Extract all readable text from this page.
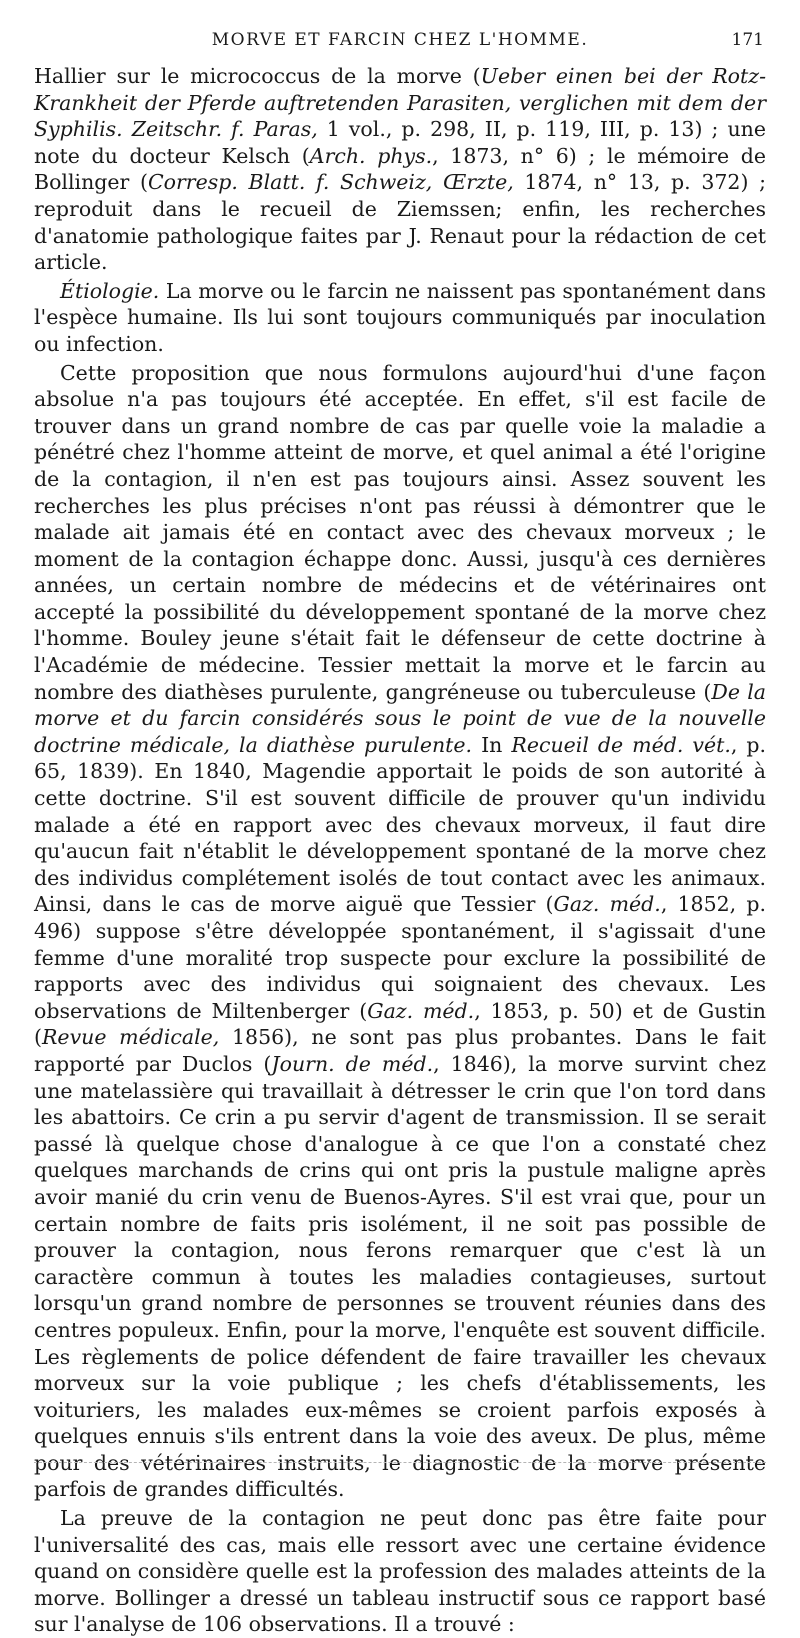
MORVE ET FARCIN CHEZ L'HOMME.	171

Hallier sur le micrococcus de la morve (Ueber einen bei der Rotz-Krankheit der Pferde auftretenden Parasiten, verglichen mit dem der Syphilis. Zeitschr. f. Paras, 1 vol., p. 298, II, p. 119, III, p. 13) ; une note du docteur Kelsch (Arch. phys., 1873, n° 6) ; le mémoire de Bollinger (Corresp. Blatt. f. Schweiz, Œrzte, 1874, n° 13, p. 372) ; reproduit dans le recueil de Ziemssen; enfin, les recherches d'anatomie pathologique faites par J. Renaut pour la rédaction de cet article.

Étiologie. La morve ou le farcin ne naissent pas spontanément dans l'espèce humaine. Ils lui sont toujours communiqués par inoculation ou infection.

Cette proposition que nous formulons aujourd'hui d'une façon absolue n'a pas toujours été acceptée. En effet, s'il est facile de trouver dans un grand nombre de cas par quelle voie la maladie a pénétré chez l'homme atteint de morve, et quel animal a été l'origine de la contagion, il n'en est pas toujours ainsi. Assez souvent les recherches les plus précises n'ont pas réussi à démontrer que le malade ait jamais été en contact avec des chevaux morveux ; le moment de la contagion échappe donc. Aussi, jusqu'à ces dernières années, un certain nombre de médecins et de vétérinaires ont accepté la possibilité du développement spontané de la morve chez l'homme. Bouley jeune s'était fait le défenseur de cette doctrine à l'Académie de médecine. Tessier mettait la morve et le farcin au nombre des diathèses purulente, gangréneuse ou tuberculeuse (De la morve et du farcin considérés sous le point de vue de la nouvelle doctrine médicale, la diathèse purulente. In Recueil de méd. vét., p. 65, 1839). En 1840, Magendie apportait le poids de son autorité à cette doctrine. S'il est souvent difficile de prouver qu'un individu malade a été en rapport avec des chevaux morveux, il faut dire qu'aucun fait n'établit le développement spontané de la morve chez des individus complétement isolés de tout contact avec les animaux. Ainsi, dans le cas de morve aiguë que Tessier (Gaz. méd., 1852, p. 496) suppose s'être développée spontanément, il s'agissait d'une femme d'une moralité trop suspecte pour exclure la possibilité de rapports avec des individus qui soignaient des chevaux. Les observations de Miltenberger (Gaz. méd., 1853, p. 50) et de Gustin (Revue médicale, 1856), ne sont pas plus probantes. Dans le fait rapporté par Duclos (Journ. de méd., 1846), la morve survint chez une matelassière qui travaillait à détresser le crin que l'on tord dans les abattoirs. Ce crin a pu servir d'agent de transmission. Il se serait passé là quelque chose d'analogue à ce que l'on a constaté chez quelques marchands de crins qui ont pris la pustule maligne après avoir manié du crin venu de Buenos-Ayres. S'il est vrai que, pour un certain nombre de faits pris isolément, il ne soit pas possible de prouver la contagion, nous ferons remarquer que c'est là un caractère commun à toutes les maladies contagieuses, surtout lorsqu'un grand nombre de personnes se trouvent réunies dans des centres populeux. Enfin, pour la morve, l'enquête est souvent difficile. Les règlements de police défendent de faire travailler les chevaux morveux sur la voie publique ; les chefs d'établissements, les voituriers, les malades eux-mêmes se croient parfois exposés à quelques ennuis s'ils entrent dans la voie des aveux. De plus, même pour des vétérinaires instruits, le diagnostic de la morve présente parfois de grandes difficultés.

La preuve de la contagion ne peut donc pas être faite pour l'universalité des cas, mais elle ressort avec une certaine évidence quand on considère quelle est la profession des malades atteints de la morve. Bollinger a dressé un tableau instructif sous ce rapport basé sur l'analyse de 106 observations. Il a trouvé :
